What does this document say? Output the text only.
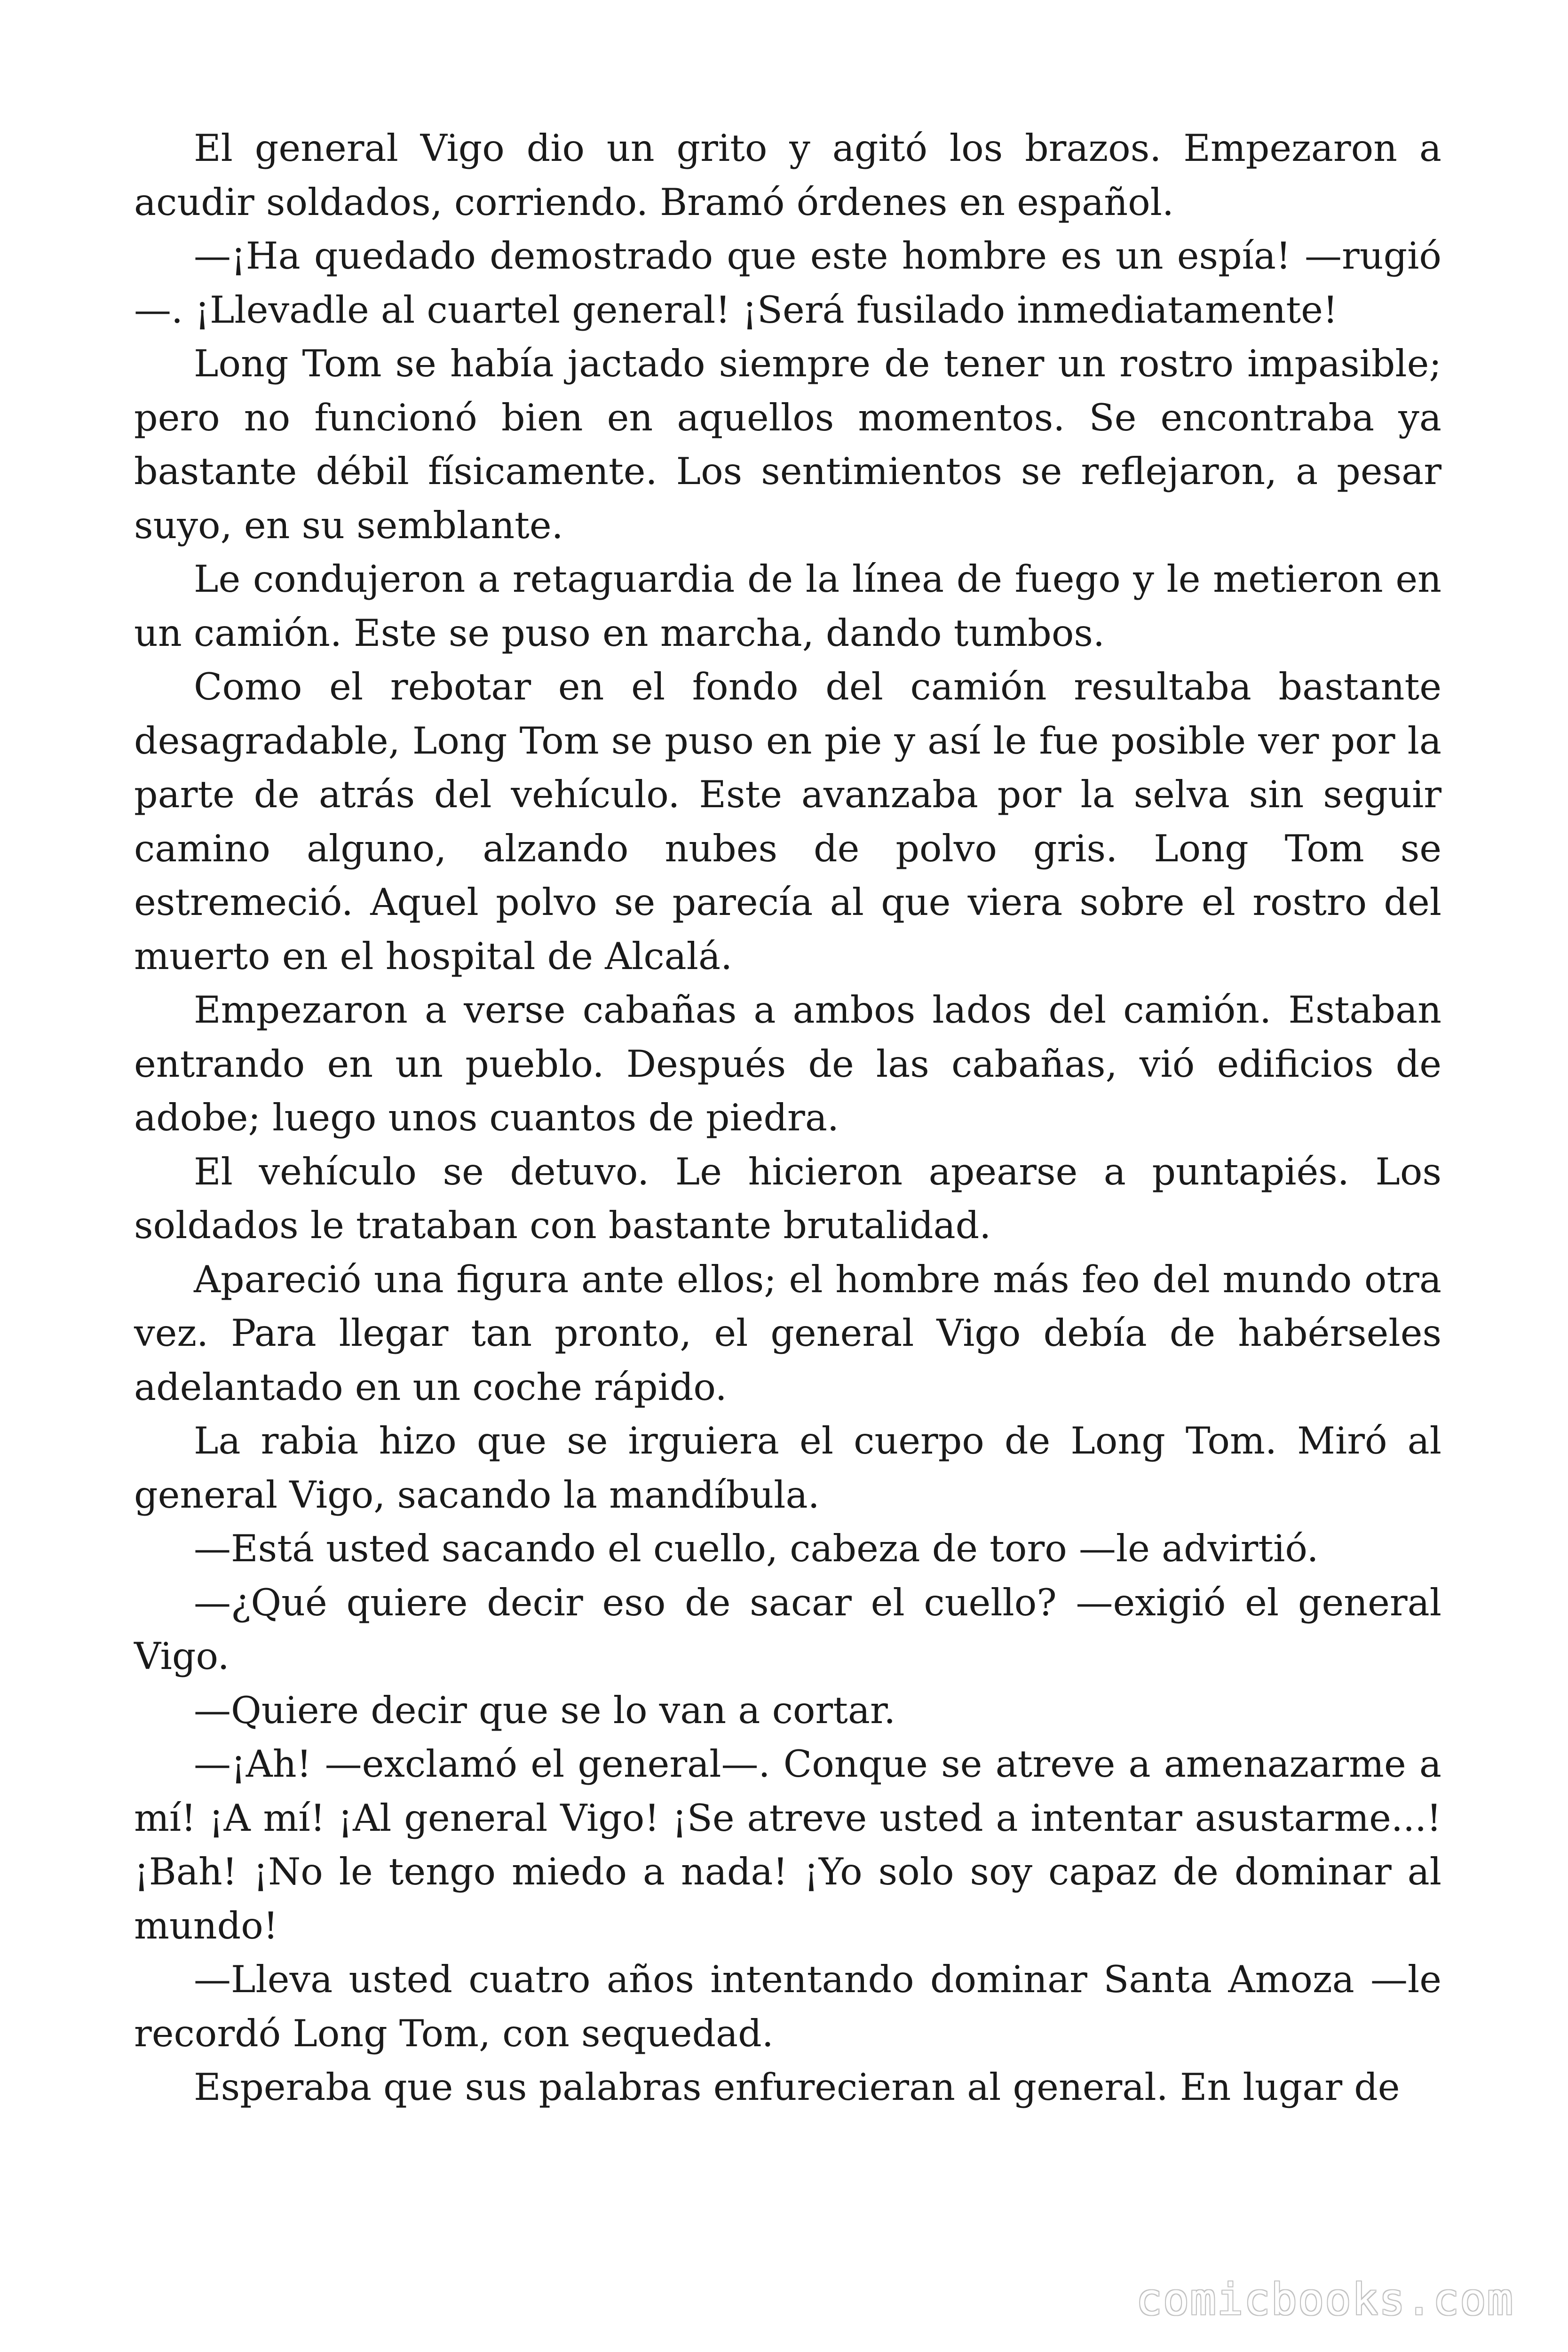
El general Vigo dio un grito y agitó los brazos. Empezaron a acudir soldados, corriendo. Bramó órdenes en español.

—¡Ha quedado demostrado que este hombre es un espía! —rugió—. ¡Llevadle al cuartel general! ¡Será fusilado inmediatamente!

Long Tom se había jactado siempre de tener un rostro impasible; pero no funcionó bien en aquellos momentos. Se encontraba ya bastante débil físicamente. Los sentimientos se reflejaron, a pesar suyo, en su semblante.

Le condujeron a retaguardia de la línea de fuego y le metieron en un camión. Este se puso en marcha, dando tumbos.

Como el rebotar en el fondo del camión resultaba bastante desagradable, Long Tom se puso en pie y así le fue posible ver por la parte de atrás del vehículo. Este avanzaba por la selva sin seguir camino alguno, alzando nubes de polvo gris. Long Tom se estremeció. Aquel polvo se parecía al que viera sobre el rostro del muerto en el hospital de Alcalá.

Empezaron a verse cabañas a ambos lados del camión. Estaban entrando en un pueblo. Después de las cabañas, vió edificios de adobe; luego unos cuantos de piedra.

El vehículo se detuvo. Le hicieron apearse a puntapiés. Los soldados le trataban con bastante brutalidad.

Apareció una figura ante ellos; el hombre más feo del mundo otra vez. Para llegar tan pronto, el general Vigo debía de habérseles adelantado en un coche rápido.

La rabia hizo que se irguiera el cuerpo de Long Tom. Miró al general Vigo, sacando la mandíbula.

—Está usted sacando el cuello, cabeza de toro —le advirtió.

—¿Qué quiere decir eso de sacar el cuello? —exigió el general Vigo.

—Quiere decir que se lo van a cortar.

—¡Ah! —exclamó el general—. Conque se atreve a amenazarme a mí! ¡A mí! ¡Al general Vigo! ¡Se atreve usted a intentar asustarme...! ¡Bah! ¡No le tengo miedo a nada! ¡Yo solo soy capaz de dominar al mundo!

—Lleva usted cuatro años intentando dominar Santa Amoza —le recordó Long Tom, con sequedad.

Esperaba que sus palabras enfurecieran al general. En lugar de

comicbooks.com
